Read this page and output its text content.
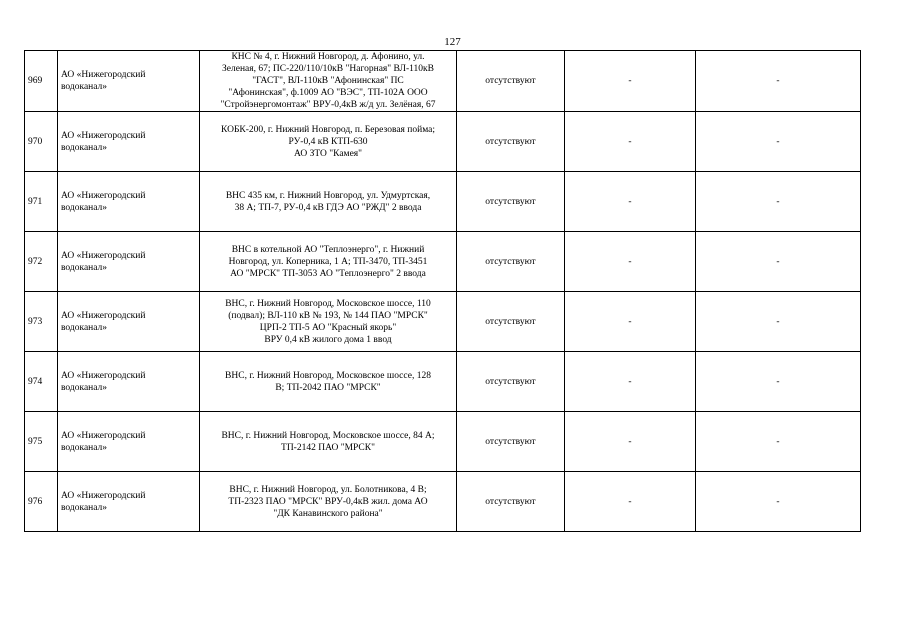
127
969	АО «Нижегородский
водоканал»	КНС № 4, г. Нижний Новгород, д. Афонино, ул.
Зеленая, 67; ПС-220/110/10кВ "Нагорная" ВЛ-110кВ
"ГАСТ", ВЛ-110кВ "Афонинская" ПС
"Афонинская", ф.1009 АО "ВЭС", ТП-102А ООО
"Стройэнергомонтаж" ВРУ-0,4кВ ж/д ул. Зелёная, 67	отсутствуют	-	-
970	АО «Нижегородский
водоканал»	КОБК-200, г. Нижний Новгород, п. Березовая пойма;
РУ-0,4 кВ КТП-630
АО ЗТО "Камея"	отсутствуют	-	-
971	АО «Нижегородский
водоканал»	ВНС 435 км, г. Нижний Новгород, ул. Удмуртская,
38 А; ТП-7, РУ-0,4 кВ ГДЭ АО "РЖД" 2 ввода	отсутствуют	-	-
972	АО «Нижегородский
водоканал»	ВНС в котельной АО "Теплоэнерго", г. Нижний
Новгород, ул. Коперника, 1 А; ТП-3470, ТП-3451
АО "МРСК" ТП-3053 АО "Теплоэнерго" 2 ввода	отсутствуют	-	-
973	АО «Нижегородский
водоканал»	ВНС, г. Нижний Новгород, Московское шоссе, 110
(подвал); ВЛ-110 кВ № 193, № 144 ПАО "МРСК"
ЦРП-2 ТП-5 АО "Красный якорь"
ВРУ 0,4 кВ жилого дома 1 ввод	отсутствуют	-	-
974	АО «Нижегородский
водоканал»	ВНС, г. Нижний Новгород, Московское шоссе, 128
В; ТП-2042 ПАО "МРСК"	отсутствуют	-	-
975	АО «Нижегородский
водоканал»	ВНС, г. Нижний Новгород, Московское шоссе, 84 А;
ТП-2142 ПАО "МРСК"	отсутствуют	-	-
976	АО «Нижегородский
водоканал»	ВНС, г. Нижний Новгород, ул. Болотникова, 4 В;
ТП-2323 ПАО "МРСК" ВРУ-0,4кВ жил. дома АО
"ДК Канавинского района"	отсутствуют	-	-
